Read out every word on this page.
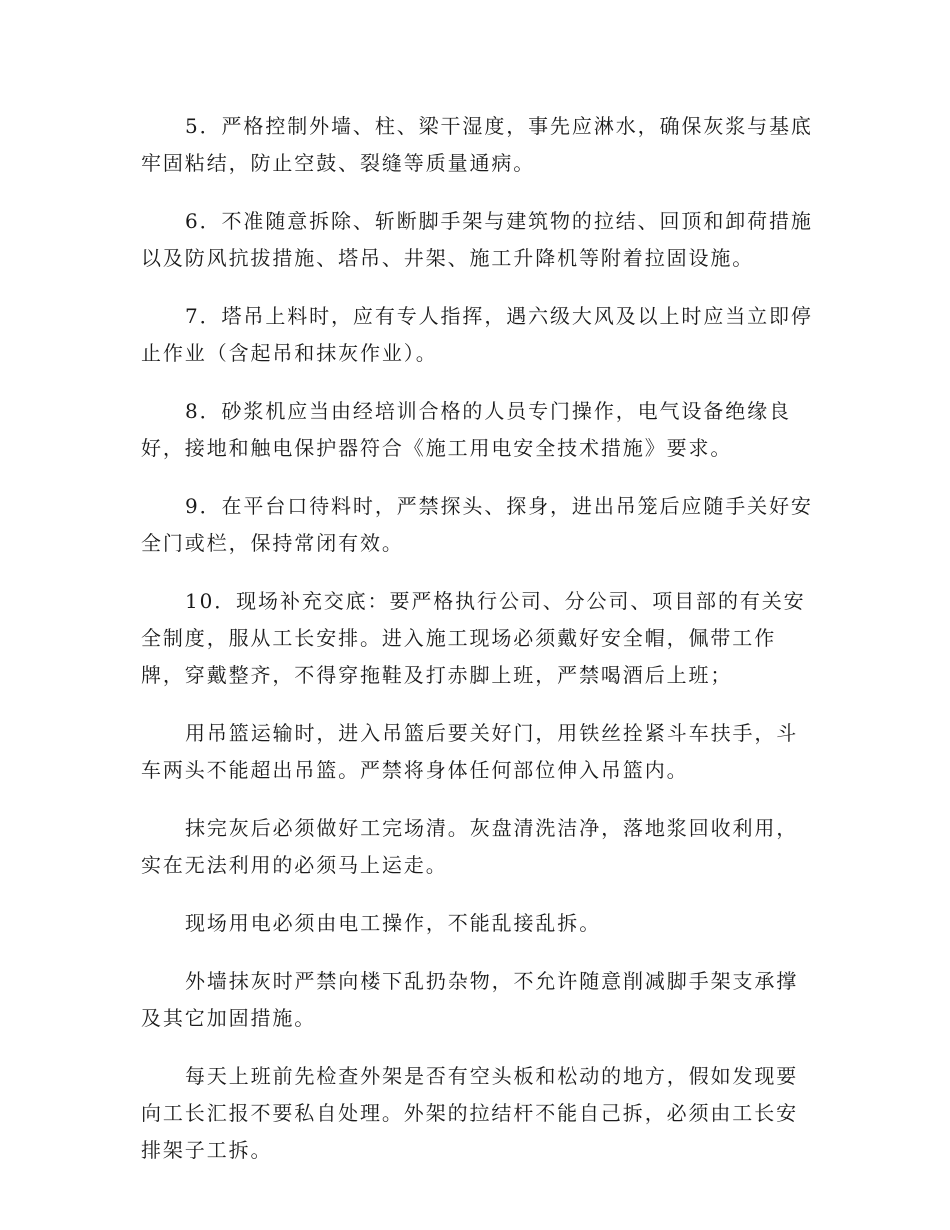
5．严格控制外墙、柱、梁干湿度，事先应淋水，确保灰浆与基底
牢固粘结，防止空鼓、裂缝等质量通病。

6．不准随意拆除、斩断脚手架与建筑物的拉结、回顶和卸荷措施
以及防风抗拔措施、塔吊、井架、施工升降机等附着拉固设施。

7．塔吊上料时，应有专人指挥，遇六级大风及以上时应当立即停
止作业（含起吊和抹灰作业）。

8．砂浆机应当由经培训合格的人员专门操作，电气设备绝缘良
好，接地和触电保护器符合《施工用电安全技术措施》要求。

9．在平台口待料时，严禁探头、探身，进出吊笼后应随手关好安
全门或栏，保持常闭有效。

10．现场补充交底：要严格执行公司、分公司、项目部的有关安
全制度，服从工长安排。进入施工现场必须戴好安全帽，佩带工作
牌，穿戴整齐，不得穿拖鞋及打赤脚上班，严禁喝酒后上班；

用吊篮运输时，进入吊篮后要关好门，用铁丝拴紧斗车扶手，斗
车两头不能超出吊篮。严禁将身体任何部位伸入吊篮内。

抹完灰后必须做好工完场清。灰盘清洗洁净，落地浆回收利用，
实在无法利用的必须马上运走。

现场用电必须由电工操作，不能乱接乱拆。

外墙抹灰时严禁向楼下乱扔杂物，不允许随意削减脚手架支承撑
及其它加固措施。

每天上班前先检查外架是否有空头板和松动的地方，假如发现要
向工长汇报不要私自处理。外架的拉结杆不能自己拆，必须由工长安
排架子工拆。
